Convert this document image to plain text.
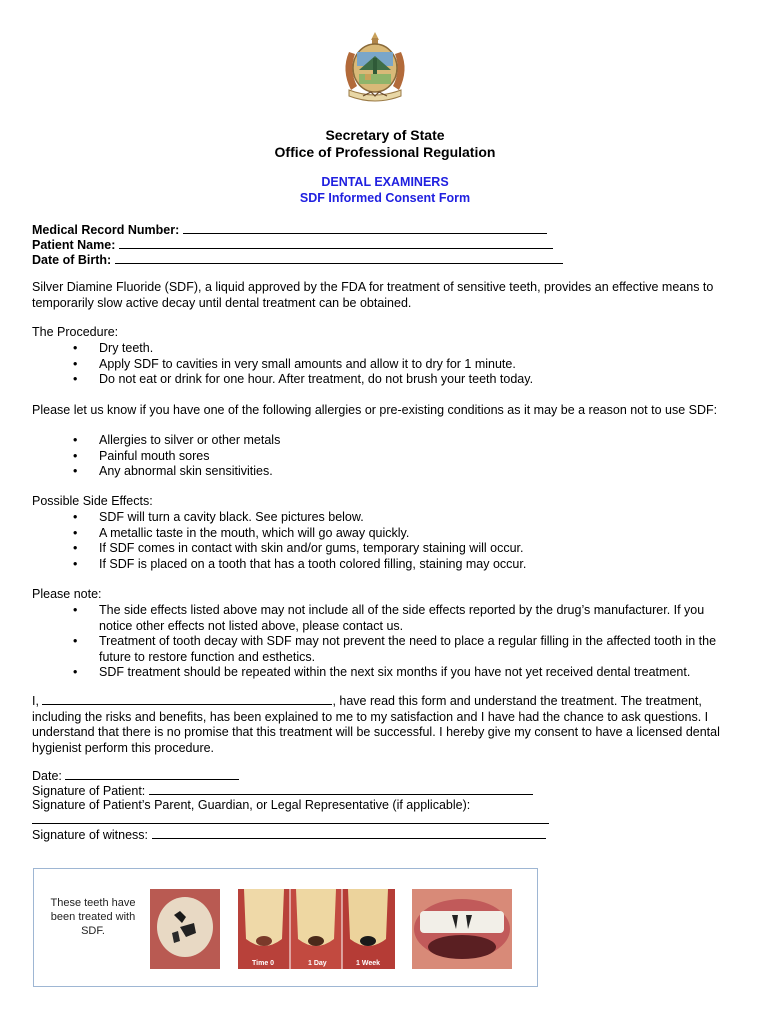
Secretary of State
Office of Professional Regulation
DENTAL EXAMINERS
SDF Informed Consent Form
Medical Record Number:
Patient Name:
Date of Birth:
Silver Diamine Fluoride (SDF), a liquid approved by the FDA for treatment of sensitive teeth, provides an effective means to temporarily slow active decay until dental treatment can be obtained.
The Procedure:
• Dry teeth.
• Apply SDF to cavities in very small amounts and allow it to dry for 1 minute.
• Do not eat or drink for one hour. After treatment, do not brush your teeth today.
Please let us know if you have one of the following allergies or pre-existing conditions as it may be a reason not to use SDF:
• Allergies to silver or other metals
• Painful mouth sores
• Any abnormal skin sensitivities.
Possible Side Effects:
• SDF will turn a cavity black. See pictures below.
• A metallic taste in the mouth, which will go away quickly.
• If SDF comes in contact with skin and/or gums, temporary staining will occur.
• If SDF is placed on a tooth that has a tooth colored filling, staining may occur.
Please note:
• The side effects listed above may not include all of the side effects reported by the drug’s manufacturer. If you notice other effects not listed above, please contact us.
• Treatment of tooth decay with SDF may not prevent the need to place a regular filling in the affected tooth in the future to restore function and esthetics.
• SDF treatment should be repeated within the next six months if you have not yet received dental treatment.
I,	, have read this form and understand the treatment. The treatment, including the risks and benefits, has been explained to me to my satisfaction and I have had the chance to ask questions. I understand that there is no promise that this treatment will be successful. I hereby give my consent to have a licensed dental hygienist perform this procedure.
Date:
Signature of Patient:
Signature of Patient’s Parent, Guardian, or Legal Representative (if applicable):
Signature of witness:
These teeth have been treated with SDF.
Time 0	1 Day	1 Week
